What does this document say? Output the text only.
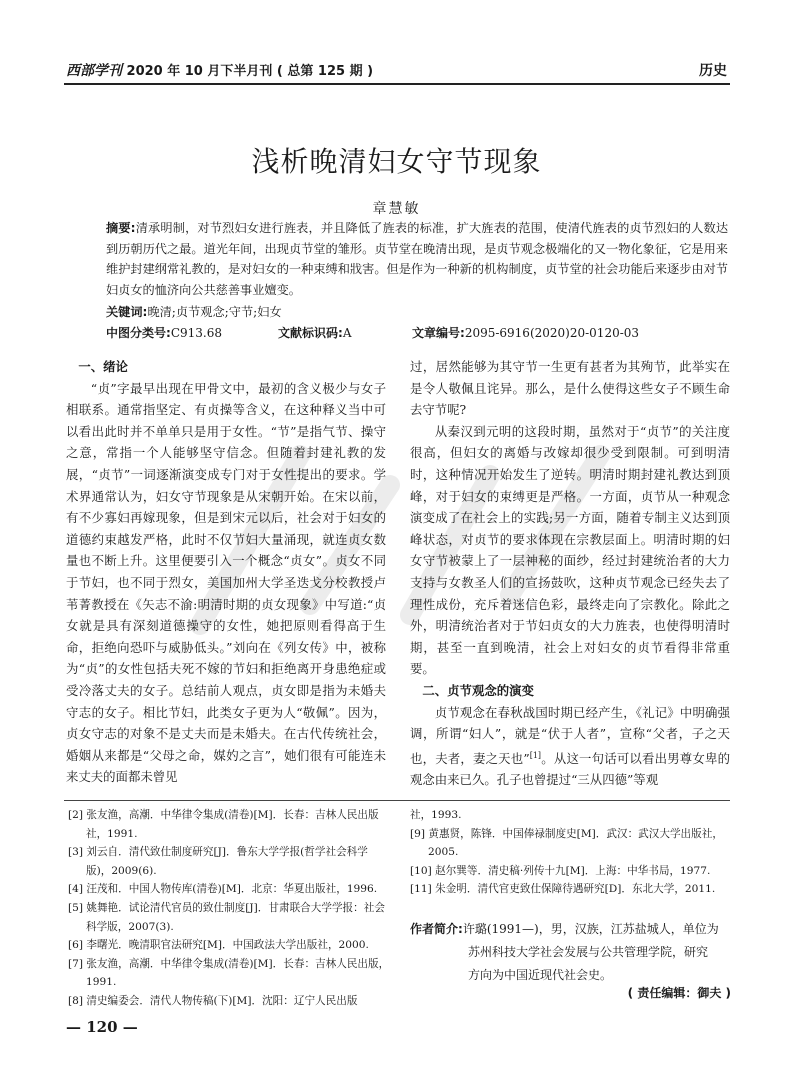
西部学刊 2020 年 10 月下半月刊 ( 总第 125 期 )	历史
浅析晚清妇女守节现象
章慧敏
摘要:清承明制，对节烈妇女进行旌表，并且降低了旌表的标准，扩大旌表的范围，使清代旌表的贞节烈妇的人数达到历朝历代之最。道光年间，出现贞节堂的雏形。贞节堂在晚清出现，是贞节观念极端化的又一物化象征，它是用来维护封建纲常礼教的，是对妇女的一种束缚和戕害。但是作为一种新的机构制度，贞节堂的社会功能后来逐步由对节妇贞女的恤济向公共慈善事业嬗变。
关键词:晚清;贞节观念;守节;妇女
中图分类号:C913.68	文献标识码:A	文章编号:2095-6916(2020)20-0120-03
一、绪论

“贞”字最早出现在甲骨文中，最初的含义极少与女子相联系。通常指坚定、有贞操等含义，在这种释义当中可以看出此时并不单单只是用于女性。“节”是指气节、操守之意，常指一个人能够坚守信念。但随着封建礼教的发展，“贞节”一词逐渐演变成专门对于女性提出的要求。学术界通常认为，妇女守节现象是从宋朝开始。在宋以前，有不少寡妇再嫁现象，但是到宋元以后，社会对于妇女的道德约束越发严格，此时不仅节妇大量涌现，就连贞女数量也不断上升。这里便要引入一个概念“贞女”。贞女不同于节妇，也不同于烈女，美国加州大学圣迭戈分校教授卢苇菁教授在《矢志不渝:明清时期的贞女现象》中写道:“贞女就是具有深刻道德操守的女性，她把原则看得高于生命，拒绝向恐吓与威胁低头。”刘向在《列女传》中，被称为“贞”的女性包括夫死不嫁的节妇和拒绝离开身患绝症或受冷落丈夫的女子。总结前人观点，贞女即是指为未婚夫守志的女子。相比节妇，此类女子更为人“敬佩”。因为，贞女守志的对象不是丈夫而是未婚夫。在古代传统社会，婚姻从来都是“父母之命，媒妁之言”，她们很有可能连未来丈夫的面都未曾见

过，居然能够为其守节一生更有甚者为其殉节，此举实在是令人敬佩且诧异。那么，是什么使得这些女子不顾生命去守节呢?

从秦汉到元明的这段时期，虽然对于“贞节”的关注度很高，但妇女的离婚与改嫁却很少受到限制。可到明清时，这种情况开始发生了逆转。明清时期封建礼教达到顶峰，对于妇女的束缚更是严格。一方面，贞节从一种观念演变成了在社会上的实践;另一方面，随着专制主义达到顶峰状态，对贞节的要求体现在宗教层面上。明清时期的妇女守节被蒙上了一层神秘的面纱，经过封建统治者的大力支持与女教圣人们的宣扬鼓吹，这种贞节观念已经失去了理性成份，充斥着迷信色彩，最终走向了宗教化。除此之外，明清统治者对于节妇贞女的大力旌表，也使得明清时期，甚至一直到晚清，社会上对妇女的贞节看得非常重要。

二、贞节观念的演变

贞节观念在春秋战国时期已经产生，《礼记》中明确强调，所谓“妇人”，就是“伏于人者”，宣称“父者，子之天也，夫者，妻之天也”[1]。从这一句话可以看出男尊女卑的观念由来已久。孔子也曾提过“三从四德”等观

[2] 张友渔，高潮．中华律令集成(清卷)[M]．长春：吉林人民出版社，1991.
[3] 刘云自．清代致仕制度研究[J]．鲁东大学学报(哲学社会科学版)，2009(6).
[4] 汪茂和．中国人物传库(清卷)[M]．北京：华夏出版社，1996.
[5] 姚舞艳．试论清代官员的致仕制度[J]．甘肃联合大学学报：社会科学版，2007(3).
[6] 李曙光．晚清职官法研究[M]．中国政法大学出版社，2000.
[7] 张友渔，高潮．中华律令集成(清卷)[M]．长春：吉林人民出版，1991.
[8] 清史编委会．清代人物传稿(下)[M]．沈阳：辽宁人民出版
社，1993.
[9] 黄惠贤，陈锋．中国俸禄制度史[M]．武汉：武汉大学出版社，2005.
[10] 赵尔巽等．清史稿·列传十九[M]．上海：中华书局，1977.
[11] 朱金明．清代官吏致仕保障待遇研究[D]．东北大学，2011.
作者简介:许璐(1991—)，男，汉族，江苏盐城人，单位为
苏州科技大学社会发展与公共管理学院，研究
方向为中国近现代社会史。
( 责任编辑：御夫 )
— 120 —
